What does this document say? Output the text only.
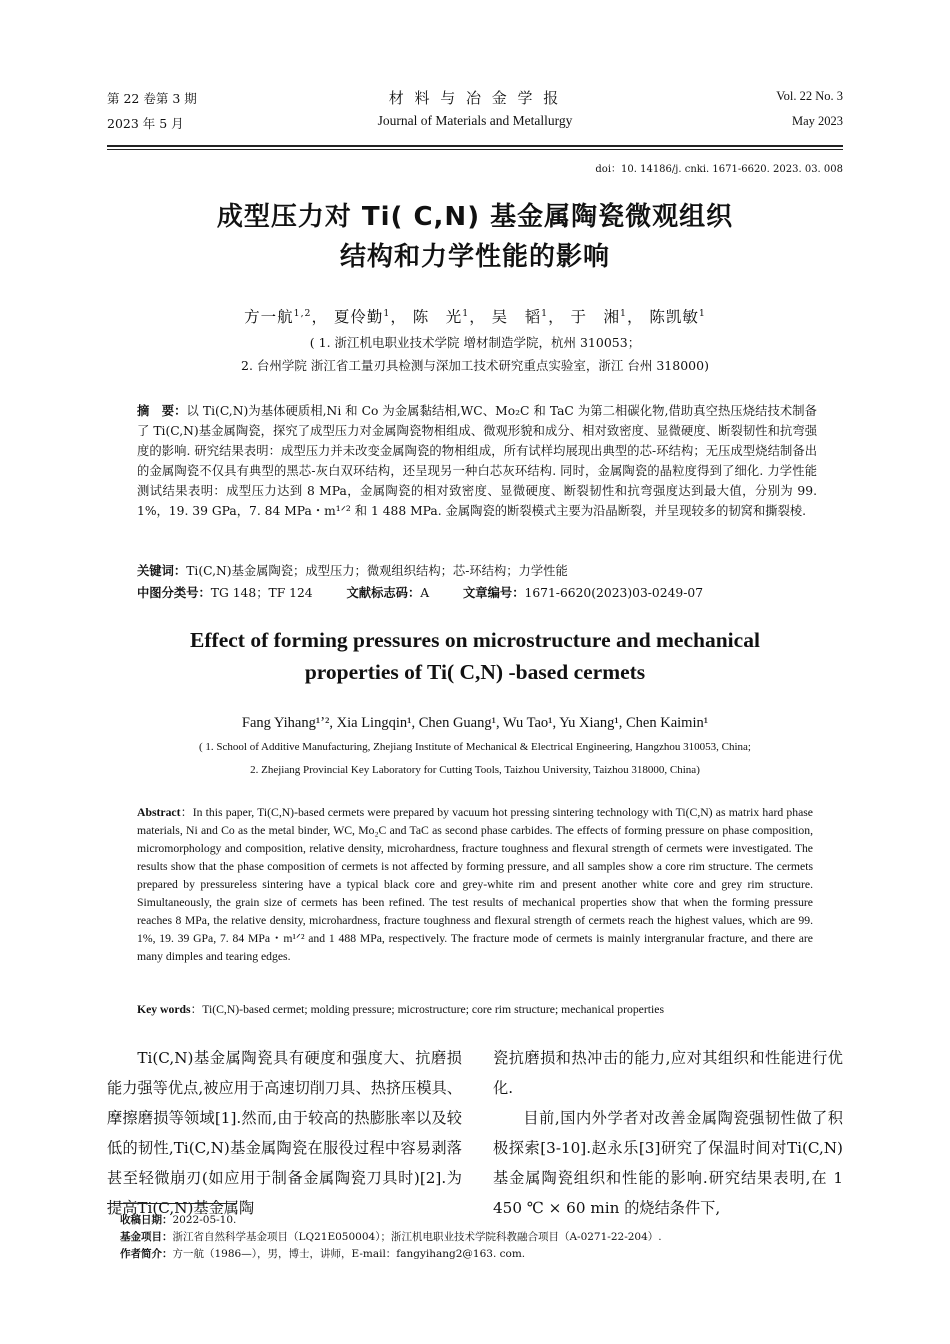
第 22 卷第 3 期
2023 年 5 月
材 料 与 冶 金 学 报
Journal of Materials and Metallurgy
Vol. 22 No. 3
May 2023
doi：10. 14186/j. cnki. 1671-6620. 2023. 03. 008
成型压力对 Ti( C,N) 基金属陶瓷微观组织
结构和力学性能的影响
方一航$^{1,2}$， 夏伶勤$^1$， 陈　光$^1$， 吴　韬$^1$， 于　湘$^1$， 陈凯敏$^1$
( 1. 浙江机电职业技术学院 增材制造学院，杭州 310053；
2. 台州学院 浙江省工量刃具检测与深加工技术研究重点实验室，浙江 台州 318000)
摘　要：以 Ti(C,N)为基体硬质相,Ni 和 Co 为金属黏结相,WC、Mo₂C 和 TaC 为第二相碳化物,借助真空热压烧结技术制备了 Ti(C,N)基金属陶瓷，探究了成型压力对金属陶瓷物相组成、微观形貌和成分、相对致密度、显微硬度、断裂韧性和抗弯强度的影响. 研究结果表明：成型压力并未改变金属陶瓷的物相组成，所有试样均展现出典型的芯-环结构；无压成型烧结制备出的金属陶瓷不仅具有典型的黑芯-灰白双环结构，还呈现另一种白芯灰环结构. 同时，金属陶瓷的晶粒度得到了细化. 力学性能测试结果表明：成型压力达到 8 MPa，金属陶瓷的相对致密度、显微硬度、断裂韧性和抗弯强度达到最大值，分别为 99. 1%，19. 39 GPa，7. 84 MPa・m¹ᐟ² 和 1 488 MPa. 金属陶瓷的断裂模式主要为沿晶断裂，并呈现较多的韧窝和撕裂棱.
关键词：Ti(C,N)基金属陶瓷；成型压力；微观组织结构；芯-环结构；力学性能
中图分类号：TG 148；TF 124	文献标志码：A	文章编号：1671-6620(2023)03-0249-07
Effect of forming pressures on microstructure and mechanical
properties of Ti( C,N) -based cermets
Fang Yihang¹ʼ², Xia Lingqin¹, Chen Guang¹, Wu Tao¹, Yu Xiang¹, Chen Kaimin¹
( 1. School of Additive Manufacturing, Zhejiang Institute of Mechanical & Electrical Engineering, Hangzhou 310053, China;
2. Zhejiang Provincial Key Laboratory for Cutting Tools, Taizhou University, Taizhou 318000, China)
Abstract：In this paper, Ti(C,N)-based cermets were prepared by vacuum hot pressing sintering technology with Ti(C,N) as matrix hard phase materials, Ni and Co as the metal binder, WC, Mo₂C and TaC as second phase carbides. The effects of forming pressure on phase composition, micromorphology and composition, relative density, microhardness, fracture toughness and flexural strength of cermets were investigated. The results show that the phase composition of cermets is not affected by forming pressure, and all samples show a core rim structure. The cermets prepared by pressureless sintering have a typical black core and grey-white rim and present another white core and grey rim structure. Simultaneously, the grain size of cermets has been refined. The test results of mechanical properties show that when the forming pressure reaches 8 MPa, the relative density, microhardness, fracture toughness and flexural strength of cermets reach the highest values, which are 99. 1%, 19. 39 GPa, 7. 84 MPa・m¹ᐟ² and 1 488 MPa, respectively. The fracture mode of cermets is mainly intergranular fracture, and there are many dimples and tearing edges.
Key words：Ti(C,N)-based cermet; molding pressure; microstructure; core rim structure; mechanical properties

Ti(C,N)基金属陶瓷具有硬度和强度大、抗磨损能力强等优点,被应用于高速切削刀具、热挤压模具、摩擦磨损等领域[1].然而,由于较高的热膨胀率以及较低的韧性,Ti(C,N)基金属陶瓷在服役过程中容易剥落甚至轻微崩刃(如应用于制备金属陶瓷刀具时)[2].为提高Ti(C,N)基金属陶

瓷抗磨损和热冲击的能力,应对其组织和性能进行优化.

目前,国内外学者对改善金属陶瓷强韧性做了积极探索[3-10].赵永乐[3]研究了保温时间对Ti(C,N)基金属陶瓷组织和性能的影响.研究结果表明,在 1 450 ℃ × 60 min 的烧结条件下,

收稿日期：2022-05-10.
基金项目：浙江省自然科学基金项目（LQ21E050004）；浙江机电职业技术学院科教融合项目（A-0271-22-204）.
作者简介：方一航（1986—），男，博士，讲师，E-mail：fangyihang2@163. com.
